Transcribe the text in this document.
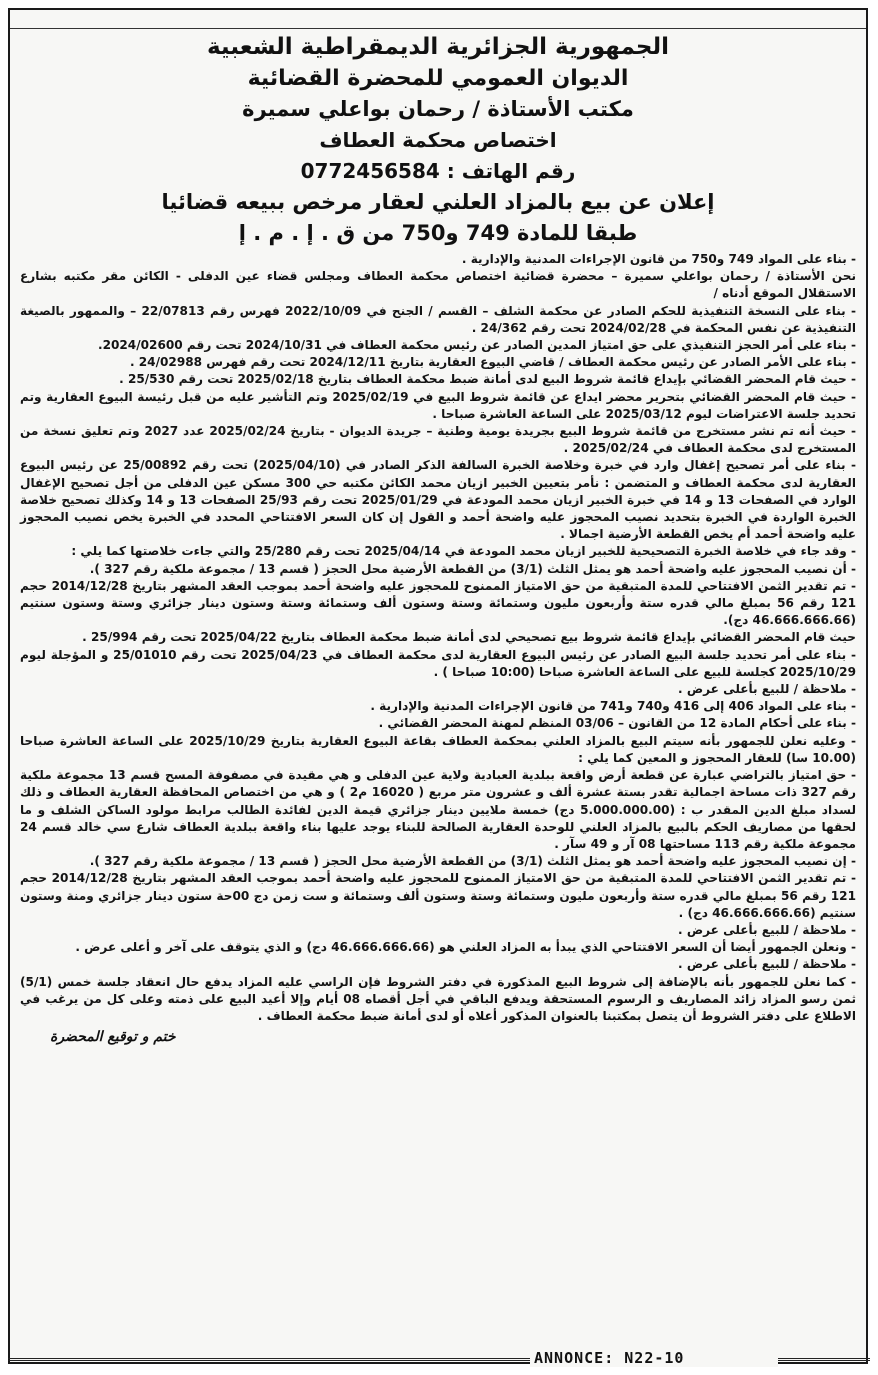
الجمهورية الجزائرية الديمقراطية الشعبية
الديوان العمومي للمحضرة القضائية
مكتب الأستاذة / رحمان بواعلي سميرة
اختصاص محكمة العطاف
رقم الهاتف : 0772456584
إعلان عن بيع بالمزاد العلني لعقار مرخص ببيعه قضائيا
طبقا للمادة 749 و750 من ق . إ . م . إ

- بناء على المواد 749 و750 من قانون الإجراءات المدنية والإدارية .

نحن الأستاذة / رحمان بواعلي سميرة – محضرة قضائية اختصاص محكمة العطاف ومجلس قضاء عين الدفلى - الكائن مقر مكتبه بشارع الاستقلال الموقع أدناه /

- بناء على النسخة التنفيذية للحكم الصادر عن محكمة الشلف – القسم / الجنح في 2022/10/09 فهرس رقم 22/07813 – والممهور بالصيغة التنفيذية عن نفس المحكمة في 2024/02/28 تحت رقم 24/362 .

- بناء على أمر الحجز التنفيذي على حق امتياز المدين الصادر عن رئيس محكمة العطاف في 2024/10/31 تحت رقم 2024/02600.

- بناء على الأمر الصادر عن رئيس محكمة العطاف / قاضي البيوع العقارية بتاريخ 2024/12/11 تحت رقم فهرس 24/02988 .

- حيث قام المحضر القضائي بإيداع قائمة شروط البيع لدى أمانة ضبط محكمة العطاف بتاريخ 2025/02/18 تحت رقم 25/530 .

- حيث قام المحضر القضائي بتحرير محضر ايداع عن قائمة شروط البيع في 2025/02/19 وتم التأشير عليه من قبل رئيسة البيوع العقارية وتم تحديد جلسة الاعتراضات ليوم 2025/03/12 على الساعة العاشرة صباحا .

- حيث أنه تم نشر مستخرج من قائمة شروط البيع بجريدة يومية وطنية – جريدة الديوان - بتاريخ 2025/02/24 عدد 2027 وتم تعليق نسخة من المستخرج لدى محكمة العطاف في 2025/02/24 .

- بناء على أمر تصحيح إغفال وارد في خبرة وخلاصة الخبرة السالفة الذكر الصادر في (2025/04/10) تحت رقم 25/00892 عن رئيس البيوع العقارية لدى محكمة العطاف و المتضمن : نأمر بتعيين الخبير ازيان محمد الكائن مكتبه حي 300 مسكن عين الدفلى من أجل تصحيح الإغفال الوارد في الصفحات 13 و 14 في خبرة الخبير ازيان محمد المودعة في 2025/01/29 تحت رقم 25/93 الصفحات 13 و 14 وكذلك تصحيح خلاصة الخبرة الواردة في الخبرة بتحديد نصيب المحجوز عليه واضحة أحمد و القول إن كان السعر الافتتاحي المحدد في الخبرة يخص نصيب المحجوز عليه واضحة أحمد أم يخص القطعة الأرضية اجمالا .

- وقد جاء في خلاصة الخبرة التصحيحية للخبير ازيان محمد المودعة في 2025/04/14 تحت رقم 25/280 والتي جاءت خلاصتها كما يلي :

- أن نصيب المحجوز عليه واضحة أحمد هو يمثل الثلث (3/1) من القطعة الأرضية محل الحجز ( قسم 13 / مجموعة ملكية رقم 327 ).

- تم تقدير الثمن الافتتاحي للمدة المتبقية من حق الامتياز الممنوح للمحجوز عليه واضحة أحمد بموجب العقد المشهر بتاريخ 2014/12/28 حجم 121 رقم 56 بمبلغ مالي قدره ستة وأربعون مليون وستمائة وستة وستون ألف وستمائة وستة وستون دينار جزائري وستة وستون سنتيم (46.666.666.66 دج).

حيث قام المحضر القضائي بإيداع قائمة شروط بيع تصحيحي لدى أمانة ضبط محكمة العطاف بتاريخ 2025/04/22 تحت رقم 25/994 .

- بناء على أمر تحديد جلسة البيع الصادر عن رئيس البيوع العقارية لدى محكمة العطاف في 2025/04/23 تحت رقم 25/01010 و المؤجلة ليوم 2025/10/29 كجلسة للبيع على الساعة العاشرة صباحا (10:00 صباحا ) .

- ملاحظة / للبيع بأعلى عرض .

- بناء على المواد 406 إلى 416 و740 و741 من قانون الإجراءات المدنية والإدارية .

- بناء على أحكام المادة 12 من القانون – 03/06 المنظم لمهنة المحضر القضائي .

- وعليه نعلن للجمهور بأنه سيتم البيع بالمزاد العلني بمحكمة العطاف بقاعة البيوع العقارية بتاريخ 2025/10/29 على الساعة العاشرة صباحا (10.00 سا) للعقار المحجوز و المعين كما يلي :

- حق امتياز بالتراضي عبارة عن قطعة أرض واقعة ببلدية العبادية ولاية عين الدفلى و هي مقيدة في مصفوفة المسح قسم 13 مجموعة ملكية رقم 327 ذات مساحة اجمالية تقدر بستة عشرة ألف و عشرون متر مربع ( 16020 م2 ) و هي من اختصاص المحافظة العقارية العطاف و ذلك لسداد مبلغ الدين المقدر ب : (5.000.000.00 دج) خمسة ملايين دينار جزائري قيمة الدين لفائدة الطالب مرابط مولود الساكن الشلف و ما لحقها من مصاريف الحكم بالبيع بالمزاد العلني للوحدة العقارية الصالحة للبناء يوجد عليها بناء واقعة ببلدية العطاف شارع سي خالد قسم 24 مجموعة ملكية رقم 113 مساحتها 08 آر و 49 سآر .

- إن نصيب المحجوز عليه واضحة أحمد هو يمثل الثلث (3/1) من القطعة الأرضية محل الحجز ( قسم 13 / مجموعة ملكية رقم 327 ).

- تم تقدير الثمن الافتتاحي للمدة المتبقية من حق الامتياز الممنوح للمحجوز عليه واضحة أحمد بموجب العقد المشهر بتاريخ 2014/12/28 حجم 121 رقم 56 بمبلغ مالي قدره ستة وأربعون مليون وستمائة وستة وستون ألف وستمائة و ست زمن دج 00حة ستون دينار جزائري ومنة وستون سنتيم (46.666.666.66 دج) .

- ملاحظة / للبيع بأعلى عرض .

- ونعلن الجمهور أيضا أن السعر الافتتاحي الذي يبدأ به المزاد العلني هو (46.666.666.66 دج) و الذي يتوقف على آخر و أعلى عرض .

- ملاحظة / للبيع بأعلى عرض .

- كما نعلن للجمهور بأنه بالإضافة إلى شروط البيع المذكورة في دفتر الشروط فإن الراسي عليه المزاد يدفع حال انعقاد جلسة خمس (5/1) ثمن رسو المزاد زائد المصاريف و الرسوم المستحقة ويدفع الباقي في أجل أقصاه 08 أيام وإلا أعيد البيع على ذمته وعلى كل من يرغب في الاطلاع على دفتر الشروط أن يتصل بمكتبنا بالعنوان المذكور أعلاه أو لدى أمانة ضبط محكمة العطاف .

ختم و توقيع المحضرة
ANNONCE: N22-10
